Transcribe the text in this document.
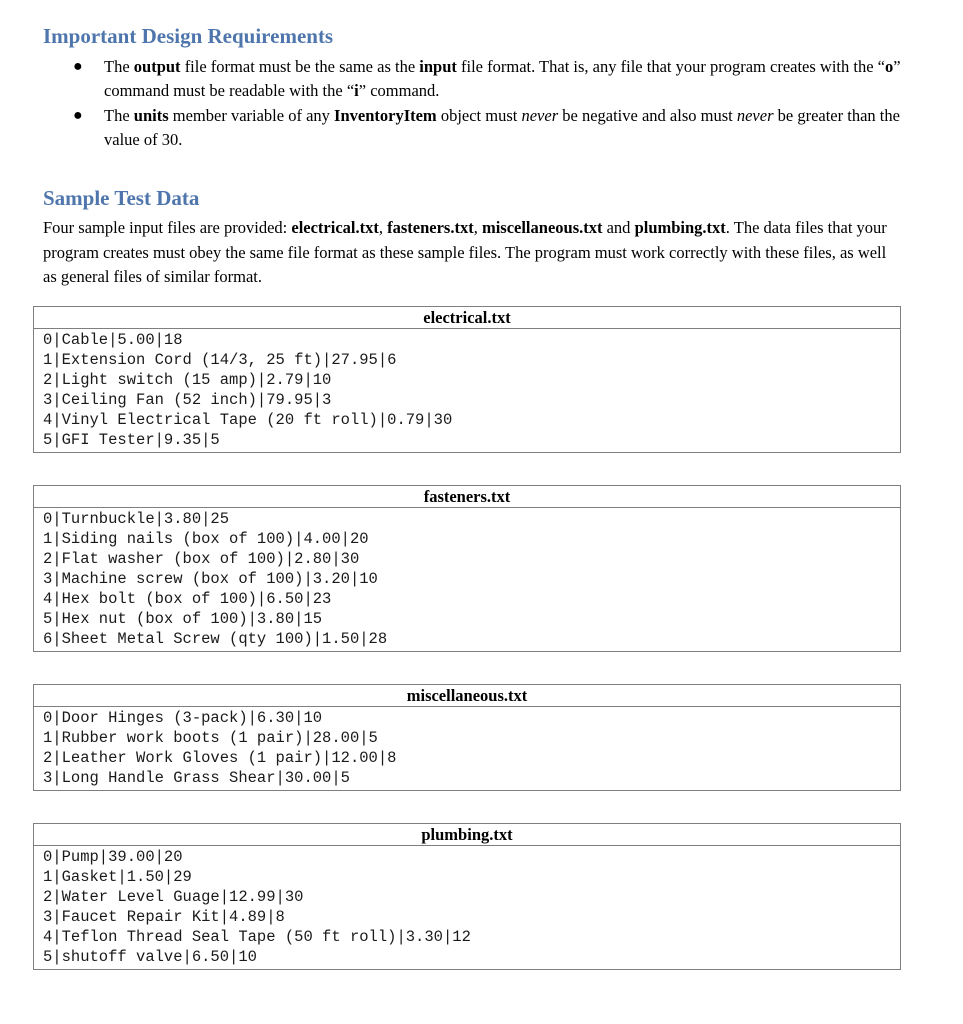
Important Design Requirements
● The output file format must be the same as the input file format. That is, any file that your program creates with the “o” command must be readable with the “i” command.
● The units member variable of any InventoryItem object must never be negative and also must never be greater than the value of 30.
Sample Test Data

Four sample input files are provided: electrical.txt, fasteners.txt, miscellaneous.txt and plumbing.txt. The data files that your program creates must obey the same file format as these sample files. The program must work correctly with these files, as well as general files of similar format.

electrical.txt
0|Cable|5.00|18
1|Extension Cord (14/3, 25 ft)|27.95|6
2|Light switch (15 amp)|2.79|10
3|Ceiling Fan (52 inch)|79.95|3
4|Vinyl Electrical Tape (20 ft roll)|0.79|30
5|GFI Tester|9.35|5
fasteners.txt
0|Turnbuckle|3.80|25
1|Siding nails (box of 100)|4.00|20
2|Flat washer (box of 100)|2.80|30
3|Machine screw (box of 100)|3.20|10
4|Hex bolt (box of 100)|6.50|23
5|Hex nut (box of 100)|3.80|15
6|Sheet Metal Screw (qty 100)|1.50|28
miscellaneous.txt
0|Door Hinges (3-pack)|6.30|10
1|Rubber work boots (1 pair)|28.00|5
2|Leather Work Gloves (1 pair)|12.00|8
3|Long Handle Grass Shear|30.00|5
plumbing.txt
0|Pump|39.00|20
1|Gasket|1.50|29
2|Water Level Guage|12.99|30
3|Faucet Repair Kit|4.89|8
4|Teflon Thread Seal Tape (50 ft roll)|3.30|12
5|shutoff valve|6.50|10
